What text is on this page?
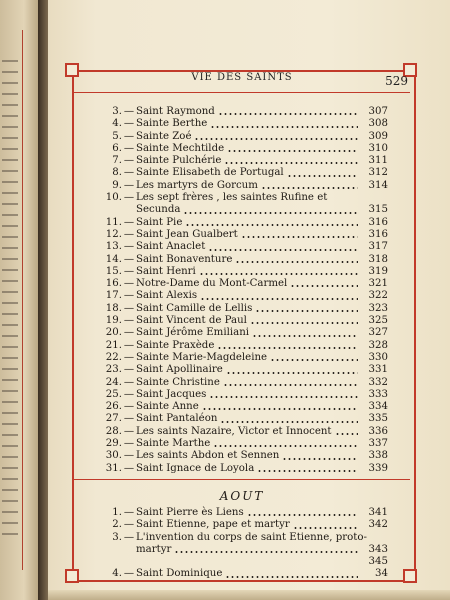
VIE DES SAINTS	529
3. — Saint Raymond	307
4. — Sainte Berthe	308
5. — Sainte Zoé	309
6. — Sainte Mechtilde	310
7. — Sainte Pulchérie	311
8. — Sainte Elisabeth de Portugal	312
9. — Les martyrs de Gorcum	314
10. — Les sept frères , les saintes Rufine et
Secunda	315
11. — Saint Pie	316
12. — Saint Jean Gualbert	316
13. — Saint Anaclet	317
14. — Saint Bonaventure	318
15. — Saint Henri	319
16. — Notre-Dame du Mont-Carmel	321
17. — Saint Alexis	322
18. — Saint Camille de Lellis	323
19. — Saint Vincent de Paul	325
20. — Saint Jérôme Emiliani	327
21. — Sainte Praxède	328
22. — Sainte Marie-Magdeleine	330
23. — Saint Apollinaire	331
24. — Sainte Christine	332
25. — Saint Jacques	333
26. — Sainte Anne	334
27. — Saint Pantaléon	335
28. — Les saints Nazaire, Victor et Innocent	336
29. — Sainte Marthe	337
30. — Les saints Abdon et Sennen	338
31. — Saint Ignace de Loyola	339
AOUT
1. — Saint Pierre ès Liens	341
2. — Saint Etienne, pape et martyr	342
3. — L'invention du corps de saint Etienne, proto-
martyr	343
345
4. — Saint Dominique	34
